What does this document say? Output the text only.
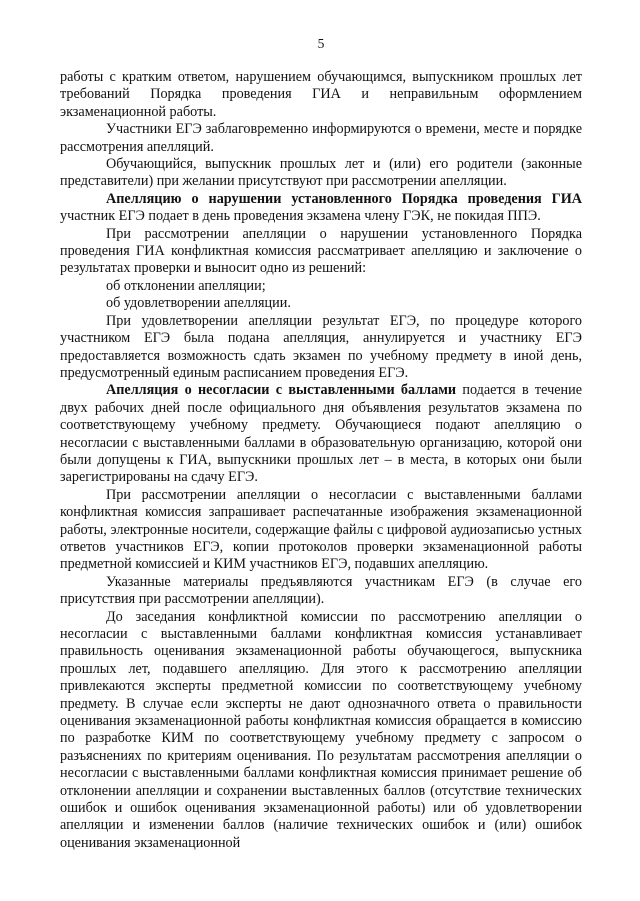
5

работы с кратким ответом, нарушением обучающимся, выпускником прошлых лет требований Порядка проведения ГИА и неправильным оформлением экзаменационной работы.

Участники ЕГЭ заблаговременно информируются о времени, месте и порядке рассмотрения апелляций.

Обучающийся, выпускник прошлых лет и (или) его родители (законные представители) при желании присутствуют при рассмотрении апелляции.

Апелляцию о нарушении установленного Порядка проведения ГИА участник ЕГЭ подает в день проведения экзамена члену ГЭК, не покидая ППЭ.

При рассмотрении апелляции о нарушении установленного Порядка проведения ГИА конфликтная комиссия рассматривает апелляцию и заключение о результатах проверки и выносит одно из решений:

об отклонении апелляции;

об удовлетворении апелляции.

При удовлетворении апелляции результат ЕГЭ, по процедуре которого участником ЕГЭ была подана апелляция, аннулируется и участнику ЕГЭ предоставляется возможность сдать экзамен по учебному предмету в иной день, предусмотренный единым расписанием проведения ЕГЭ.

Апелляция о несогласии с выставленными баллами подается в течение двух рабочих дней после официального дня объявления результатов экзамена по соответствующему учебному предмету. Обучающиеся подают апелляцию о несогласии с выставленными баллами в образовательную организацию, которой они были допущены к ГИА, выпускники прошлых лет – в места, в которых они были зарегистрированы на сдачу ЕГЭ.

При рассмотрении апелляции о несогласии с выставленными баллами конфликтная комиссия запрашивает распечатанные изображения экзаменационной работы, электронные носители, содержащие файлы с цифровой аудиозаписью устных ответов участников ЕГЭ, копии протоколов проверки экзаменационной работы предметной комиссией и КИМ участников ЕГЭ, подавших апелляцию.

Указанные материалы предъявляются участникам ЕГЭ (в случае его присутствия при рассмотрении апелляции).

До заседания конфликтной комиссии по рассмотрению апелляции о несогласии с выставленными баллами конфликтная комиссия устанавливает правильность оценивания экзаменационной работы обучающегося, выпускника прошлых лет, подавшего апелляцию. Для этого к рассмотрению апелляции привлекаются эксперты предметной комиссии по соответствующему учебному предмету. В случае если эксперты не дают однозначного ответа о правильности оценивания экзаменационной работы конфликтная комиссия обращается в комиссию по разработке КИМ по соответствующему учебному предмету с запросом о разъяснениях по критериям оценивания. По результатам рассмотрения апелляции о несогласии с выставленными баллами конфликтная комиссия принимает решение об отклонении апелляции и сохранении выставленных баллов (отсутствие технических ошибок и ошибок оценивания экзаменационной работы) или об удовлетворении апелляции и изменении баллов (наличие технических ошибок и (или) ошибок оценивания экзаменационной
